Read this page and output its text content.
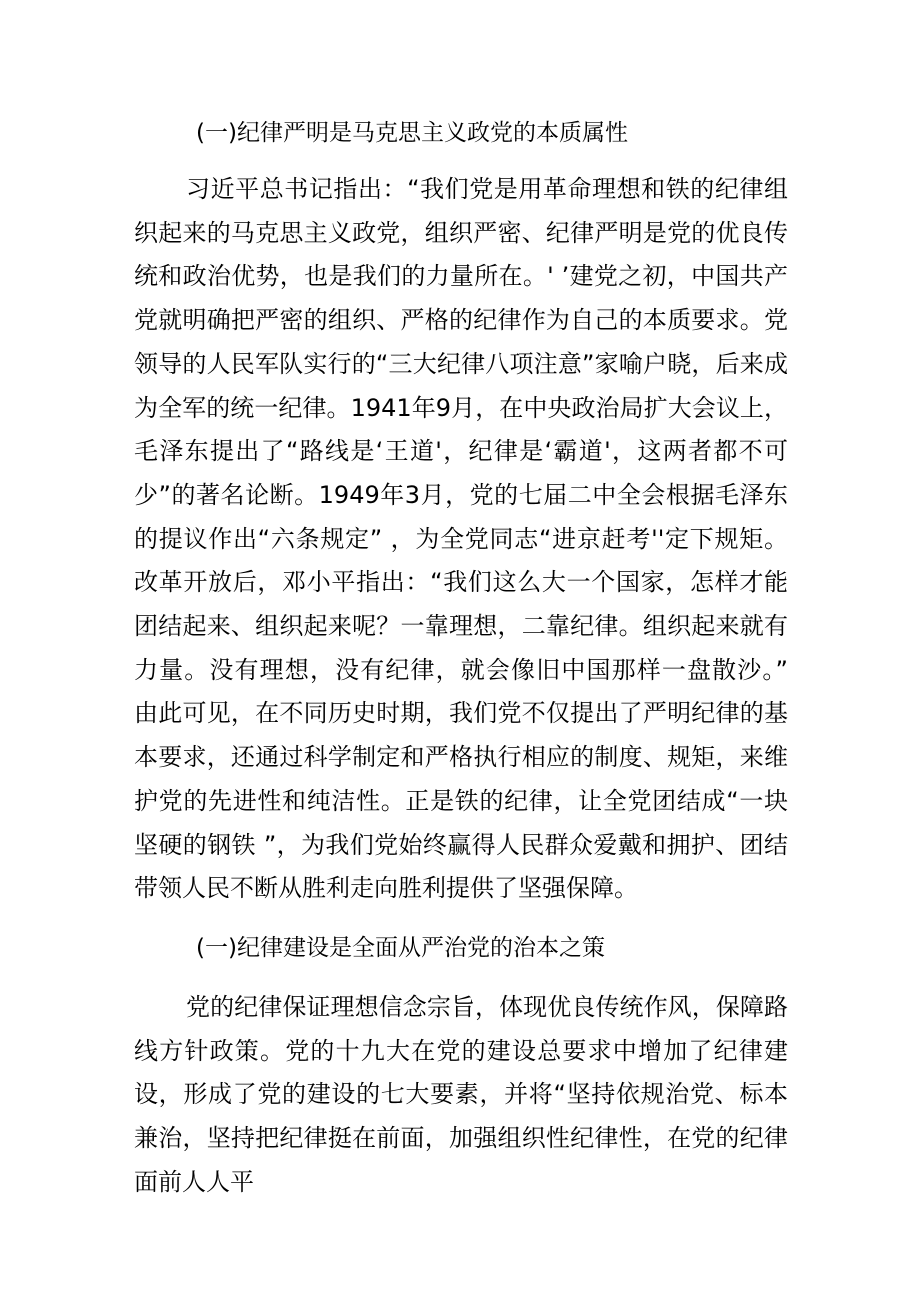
(一)纪律严明是马克思主义政党的本质属性

习近平总书记指出：“我们党是用革命理想和铁的纪律组织起来的马克思主义政党，组织严密、纪律严明是党的优良传统和政治优势，也是我们的力量所在。' ’建党之初，中国共产党就明确把严密的组织、严格的纪律作为自己的本质要求。党领导的人民军队实行的“三大纪律八项注意”家喻户晓，后来成为全军的统一纪律。1941年9月，在中央政治局扩大会议上，毛泽东提出了“路线是‘王道'，纪律是‘霸道'，这两者都不可少”的著名论断。1949年3月，党的七届二中全会根据毛泽东的提议作出“六条规定” ，为全党同志“进京赶考''定下规矩。改革开放后，邓小平指出：“我们这么大一个国家，怎样才能团结起来、组织起来呢？一靠理想，二靠纪律。组织起来就有力量。没有理想，没有纪律，就会像旧中国那样一盘散沙。” 由此可见，在不同历史时期，我们党不仅提出了严明纪律的基本要求，还通过科学制定和严格执行相应的制度、规矩，来维护党的先进性和纯洁性。正是铁的纪律，让全党团结成“一块坚硬的钢铁 ”，为我们党始终赢得人民群众爱戴和拥护、团结带领人民不断从胜利走向胜利提供了坚强保障。

(一)纪律建设是全面从严治党的治本之策

党的纪律保证理想信念宗旨，体现优良传统作风，保障路线方针政策。党的十九大在党的建设总要求中增加了纪律建设，形成了党的建设的七大要素，并将“坚持依规治党、标本兼治，坚持把纪律挺在前面，加强组织性纪律性，在党的纪律面前人人平
